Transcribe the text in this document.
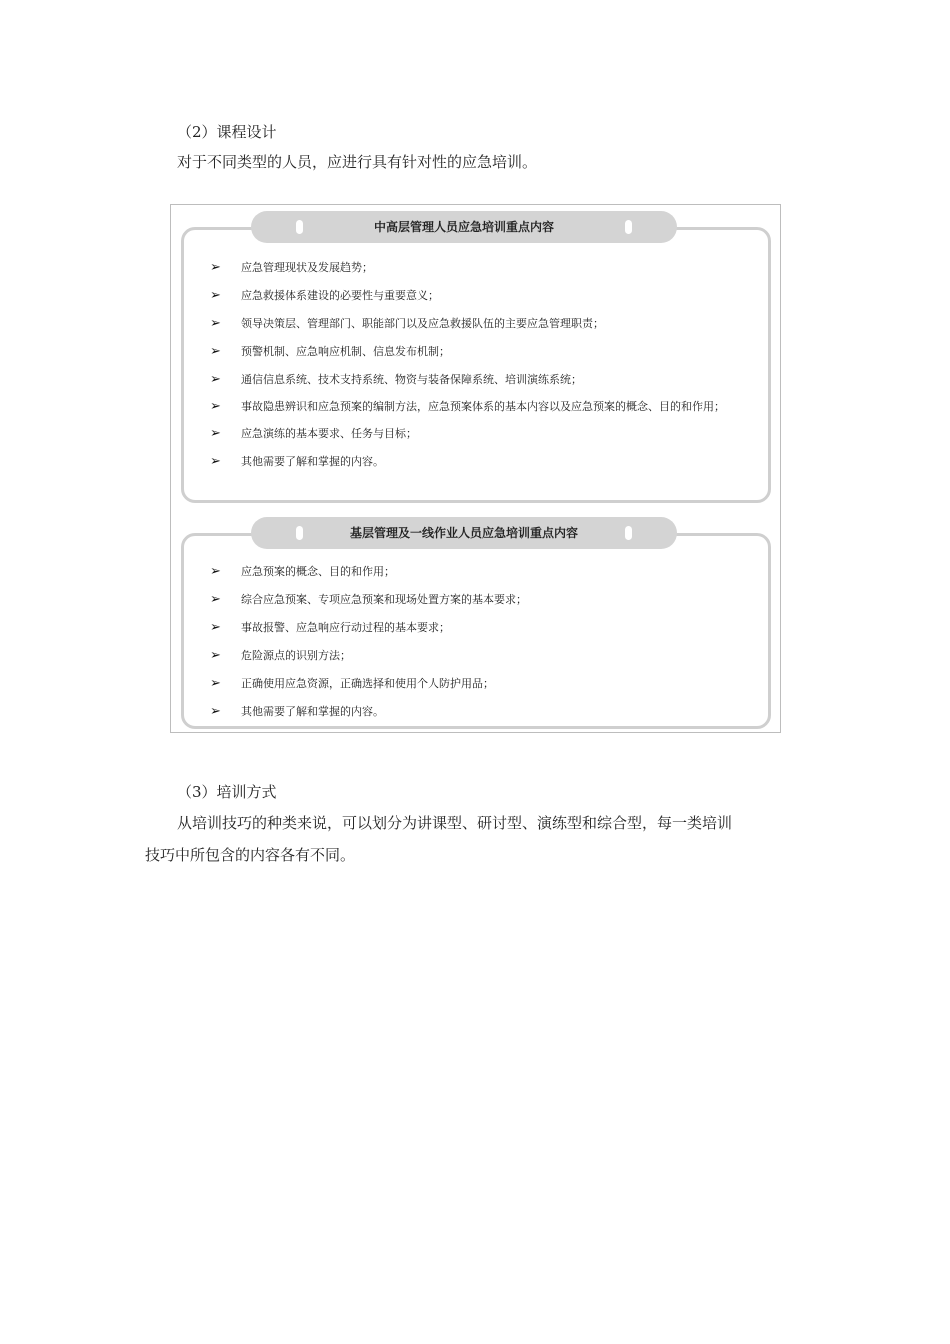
（2）课程设计

对于不同类型的人员，应进行具有针对性的应急培训。

➢ 应急管理现状及发展趋势；
➢ 应急救援体系建设的必要性与重要意义；
➢ 领导决策层、管理部门、职能部门以及应急救援队伍的主要应急管理职责；
➢ 预警机制、应急响应机制、信息发布机制；
➢ 通信信息系统、技术支持系统、物资与装备保障系统、培训演练系统；
➢ 事故隐患辨识和应急预案的编制方法，应急预案体系的基本内容以及应急预案的概念、目的和作用；
➢ 应急演练的基本要求、任务与目标；
➢ 其他需要了解和掌握的内容。
中高层管理人员应急培训重点内容
➢ 应急预案的概念、目的和作用；
➢ 综合应急预案、专项应急预案和现场处置方案的基本要求；
➢ 事故报警、应急响应行动过程的基本要求；
➢ 危险源点的识别方法；
➢ 正确使用应急资源，正确选择和使用个人防护用品；
➢ 其他需要了解和掌握的内容。
基层管理及一线作业人员应急培训重点内容

（3）培训方式

从培训技巧的种类来说，可以划分为讲课型、研讨型、演练型和综合型，每一类培训

技巧中所包含的内容各有不同。
